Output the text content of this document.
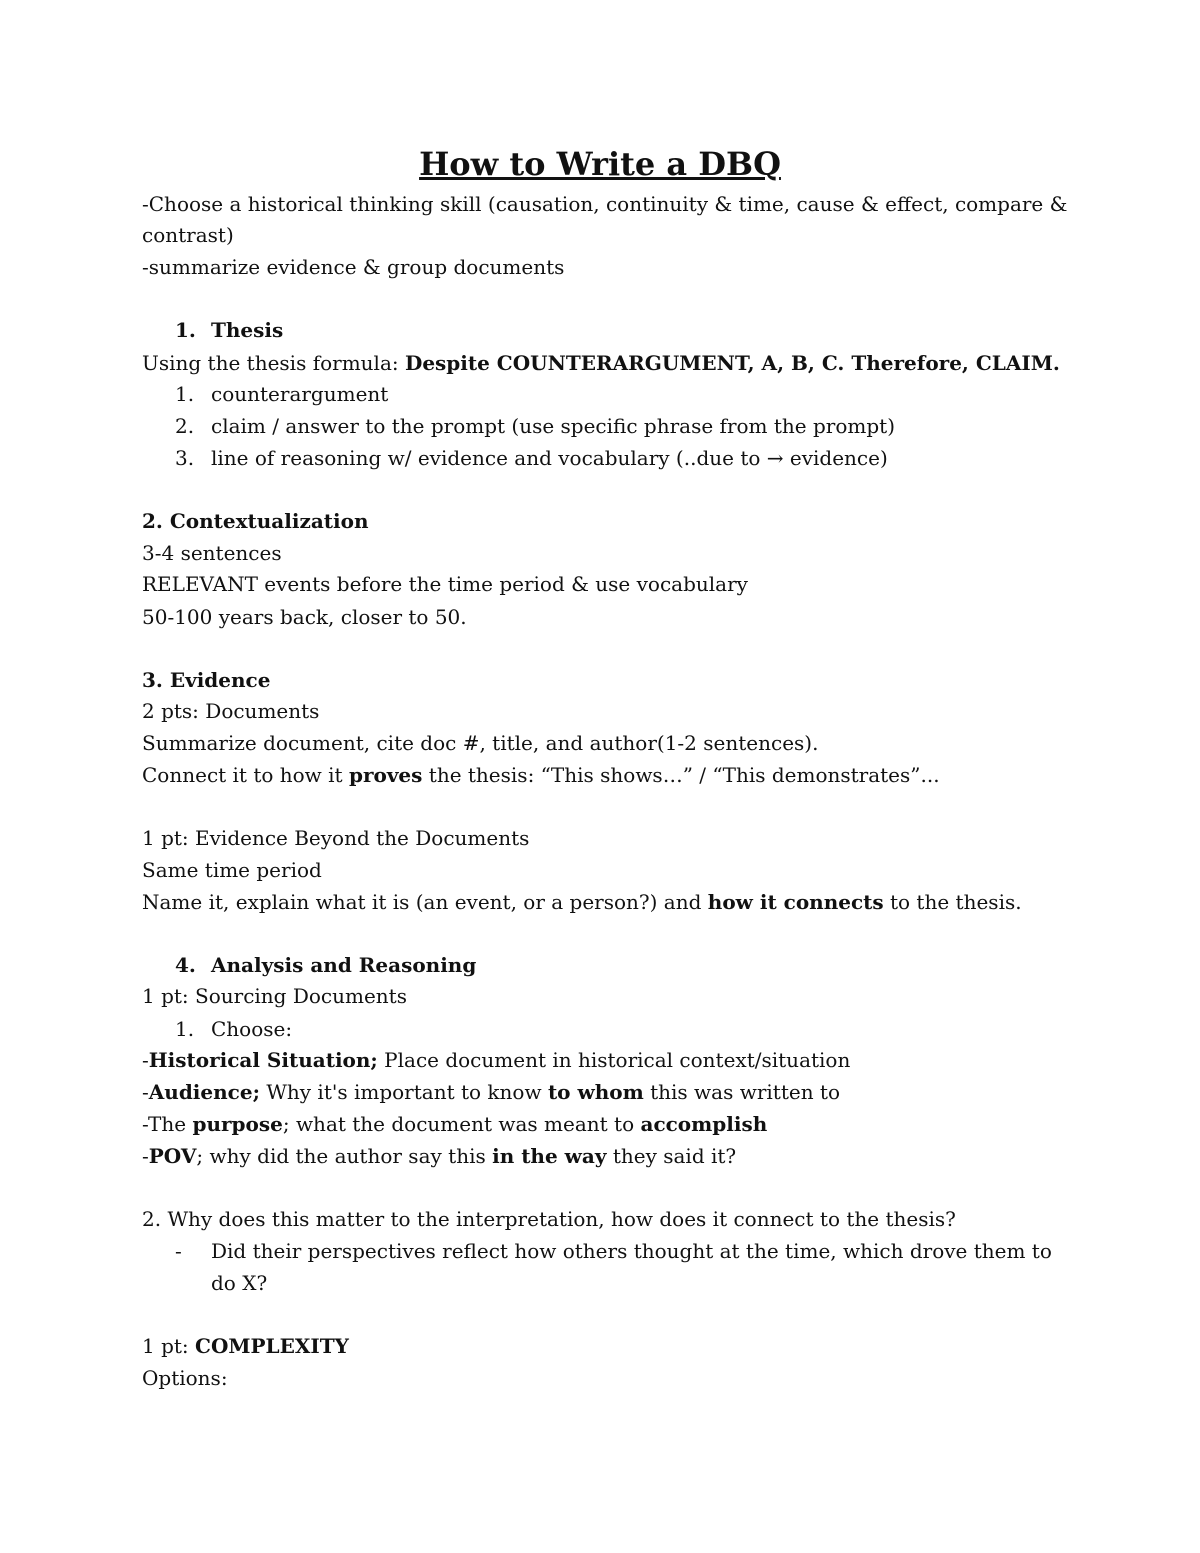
How to Write a DBQ
-Choose a historical thinking skill (causation, continuity & time, cause & effect, compare &
contrast)
-summarize evidence & group documents
1. Thesis
Using the thesis formula: Despite COUNTERARGUMENT, A, B, C. Therefore, CLAIM.
1. counterargument
2. claim / answer to the prompt (use specific phrase from the prompt)
3. line of reasoning w/ evidence and vocabulary (..due to → evidence)
2. Contextualization
3-4 sentences
RELEVANT events before the time period & use vocabulary
50-100 years back, closer to 50.
3. Evidence
2 pts: Documents
Summarize document, cite doc #, title, and author(1-2 sentences).
Connect it to how it proves the thesis: “This shows…” / “This demonstrates”...
1 pt: Evidence Beyond the Documents
Same time period
Name it, explain what it is (an event, or a person?) and how it connects to the thesis.
4. Analysis and Reasoning
1 pt: Sourcing Documents
1. Choose:
-Historical Situation; Place document in historical context/situation
-Audience; Why it's important to know to whom this was written to
-The purpose; what the document was meant to accomplish
-POV; why did the author say this in the way they said it?
2. Why does this matter to the interpretation, how does it connect to the thesis?
- Did their perspectives reflect how others thought at the time, which drove them to
do X?
1 pt: COMPLEXITY
Options:
